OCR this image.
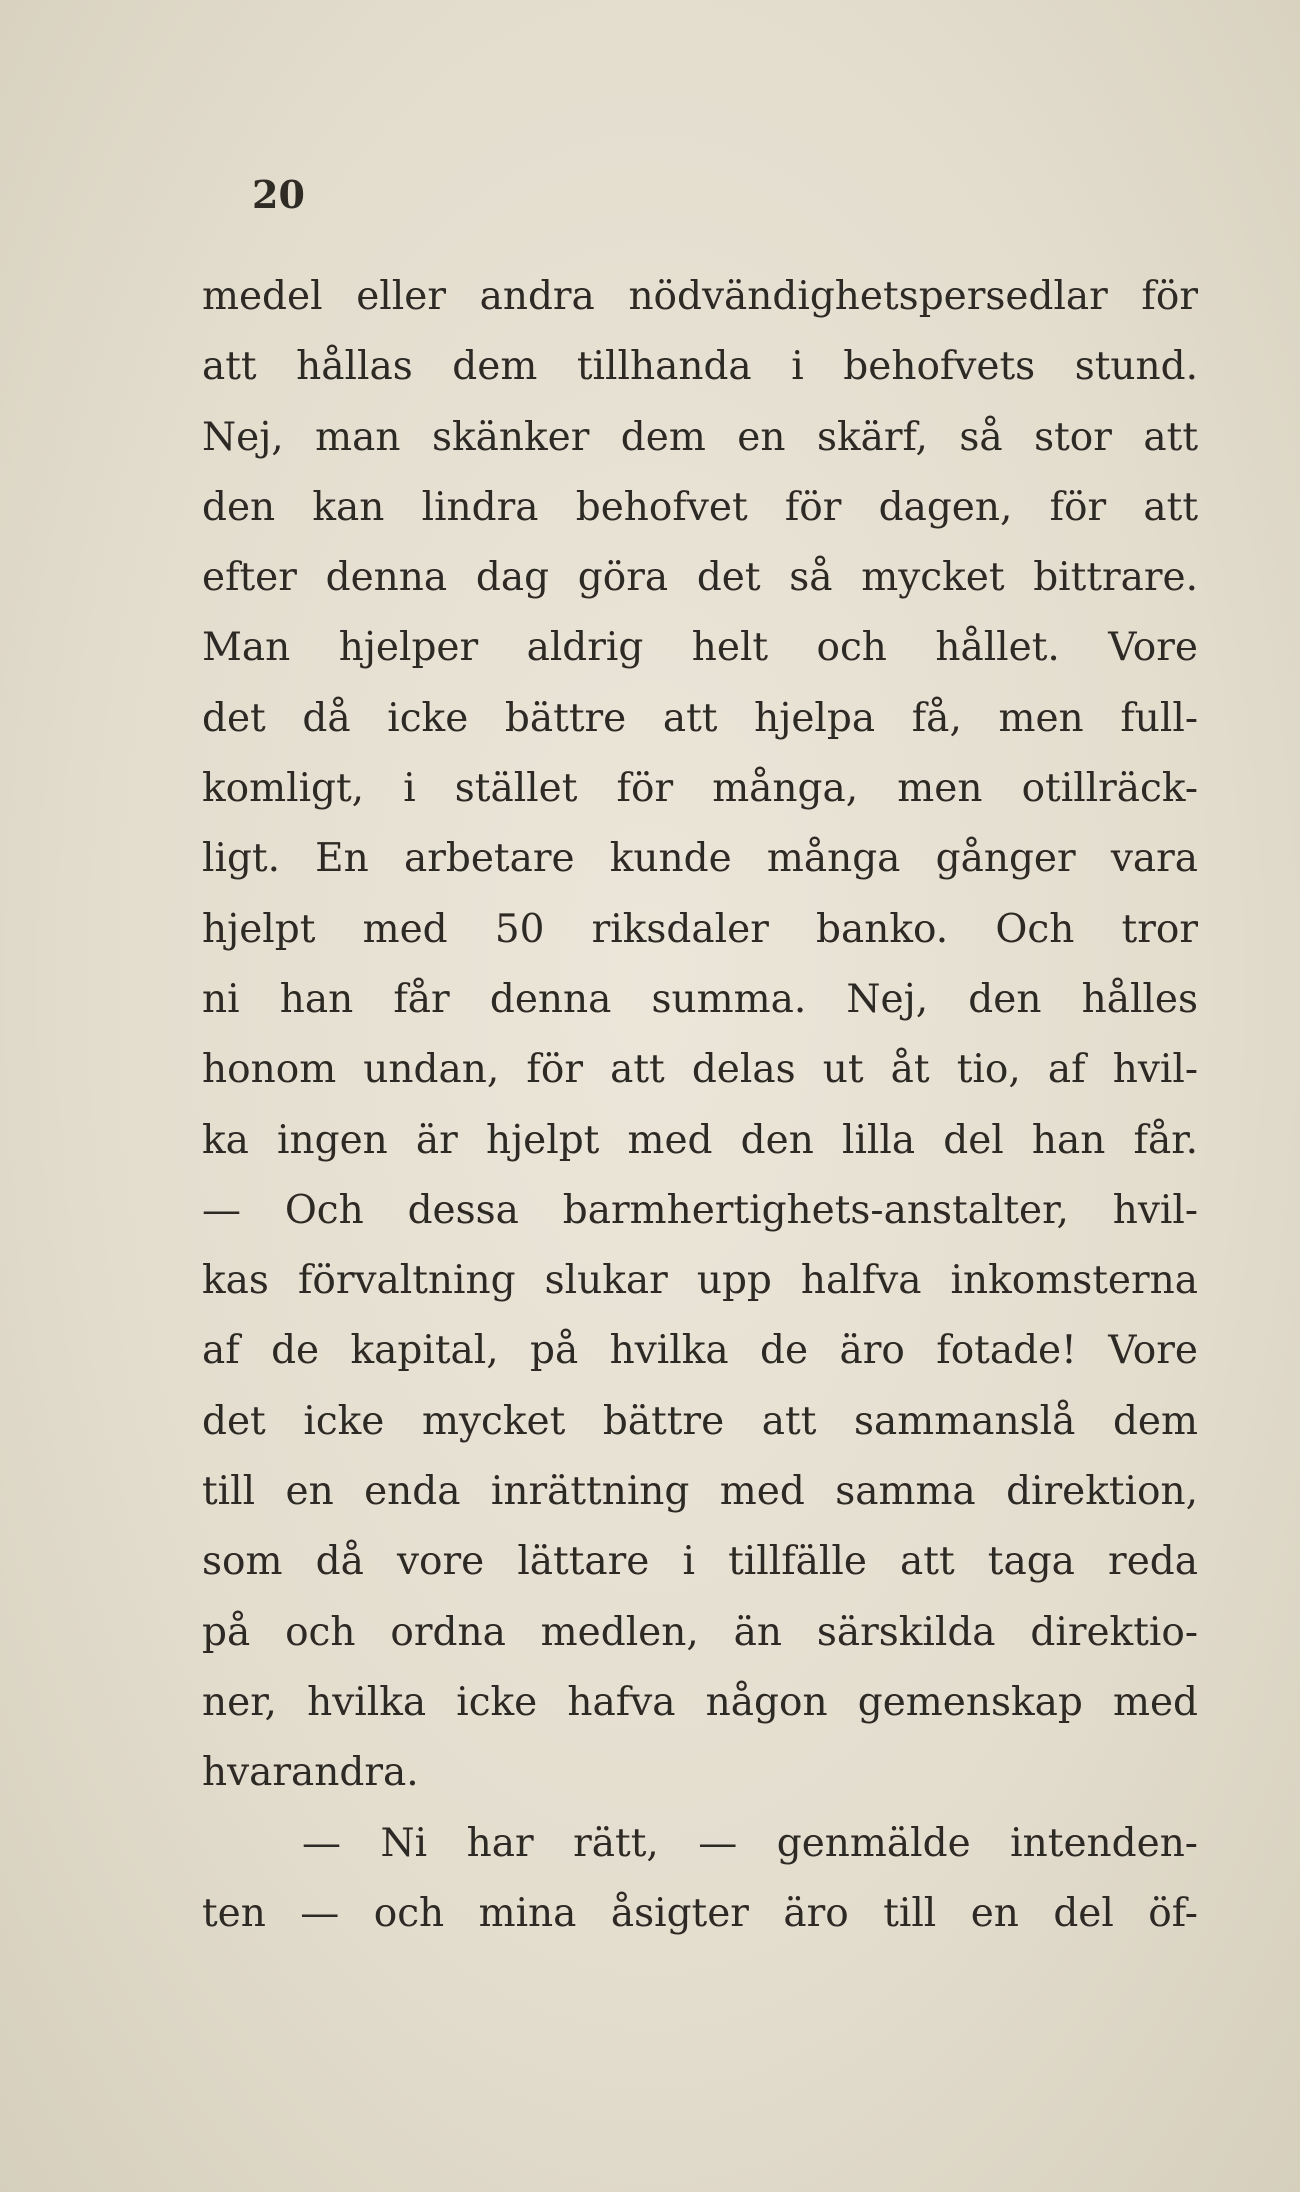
20

medel eller andra nödvändighetspersedlar för
att hållas dem tillhanda i behofvets stund.
Nej, man skänker dem en skärf, så stor att
den kan lindra behofvet för dagen, för att
efter denna dag göra det så mycket bittrare.
Man hjelper aldrig helt och hållet. Vore
det då icke bättre att hjelpa få, men full-
komligt, i stället för många, men otillräck-
ligt. En arbetare kunde många gånger vara
hjelpt med 50 riksdaler banko. Och tror
ni han får denna summa. Nej, den hålles
honom undan, för att delas ut åt tio, af hvil-
ka ingen är hjelpt med den lilla del han får.
— Och dessa barmhertighets-anstalter, hvil-
kas förvaltning slukar upp halfva inkomsterna
af de kapital, på hvilka de äro fotade! Vore
det icke mycket bättre att sammanslå dem
till en enda inrättning med samma direktion,
som då vore lättare i tillfälle att taga reda
på och ordna medlen, än särskilda direktio-
ner, hvilka icke hafva någon gemenskap med
hvarandra.
— Ni har rätt, — genmälde intenden-
ten — och mina åsigter äro till en del öf-
